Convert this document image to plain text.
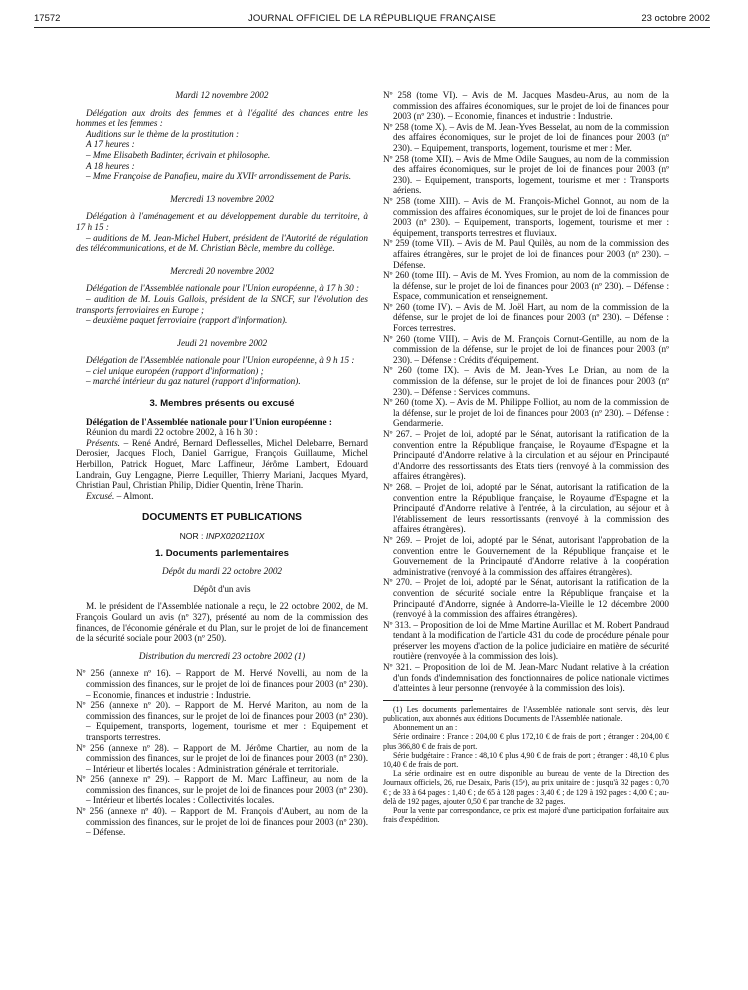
17572	JOURNAL OFFICIEL DE LA RÉPUBLIQUE FRANÇAISE	23 octobre 2002

Mardi 12 novembre 2002

Délégation aux droits des femmes et à l'égalité des chances entre les hommes et les femmes :

Auditions sur le thème de la prostitution :

A 17 heures :

– Mme Elisabeth Badinter, écrivain et philosophe.

A 18 heures :

– Mme Françoise de Panafieu, maire du XVIIᵉ arrondissement de Paris.

Mercredi 13 novembre 2002

Délégation à l'aménagement et au développement durable du territoire, à 17 h 15 :

– auditions de M. Jean-Michel Hubert, président de l'Autorité de régulation des télécommunications, et de M. Christian Bècle, membre du collège.

Mercredi 20 novembre 2002

Délégation de l'Assemblée nationale pour l'Union européenne, à 17 h 30 :

– audition de M. Louis Gallois, président de la SNCF, sur l'évolution des transports ferroviaires en Europe ;

– deuxième paquet ferroviaire (rapport d'information).

Jeudi 21 novembre 2002

Délégation de l'Assemblée nationale pour l'Union européenne, à 9 h 15 :

– ciel unique européen (rapport d'information) ;

– marché intérieur du gaz naturel (rapport d'information).

3. Membres présents ou excusé

Délégation de l'Assemblée nationale pour l'Union européenne :

Réunion du mardi 22 octobre 2002, à 16 h 30 :

Présents. – René André, Bernard Deflesselles, Michel Delebarre, Bernard Derosier, Jacques Floch, Daniel Garrigue, François Guillaume, Michel Herbillon, Patrick Hoguet, Marc Laffineur, Jérôme Lambert, Edouard Landrain, Guy Lengagne, Pierre Lequiller, Thierry Mariani, Jacques Myard, Christian Paul, Christian Philip, Didier Quentin, Irène Tharin.

Excusé. – Almont.

DOCUMENTS ET PUBLICATIONS

NOR : INPX0202110X

1. Documents parlementaires

Dépôt du mardi 22 octobre 2002

Dépôt d'un avis

M. le président de l'Assemblée nationale a reçu, le 22 octobre 2002, de M. François Goulard un avis (nº 327), présenté au nom de la commission des finances, de l'économie générale et du Plan, sur le projet de loi de financement de la sécurité sociale pour 2003 (nº 250).

Distribution du mercredi 23 octobre 2002 (1)

Nº 256 (annexe nº 16). – Rapport de M. Hervé Novelli, au nom de la commission des finances, sur le projet de loi de finances pour 2003 (nº 230). – Economie, finances et industrie : Industrie.

Nº 256 (annexe nº 20). – Rapport de M. Hervé Mariton, au nom de la commission des finances, sur le projet de loi de finances pour 2003 (nº 230). – Equipement, transports, logement, tourisme et mer : Equipement et transports terrestres.

Nº 256 (annexe nº 28). – Rapport de M. Jérôme Chartier, au nom de la commission des finances, sur le projet de loi de finances pour 2003 (nº 230). – Intérieur et libertés locales : Administration générale et territoriale.

Nº 256 (annexe nº 29). – Rapport de M. Marc Laffineur, au nom de la commission des finances, sur le projet de loi de finances pour 2003 (nº 230). – Intérieur et libertés locales : Collectivités locales.

Nº 256 (annexe nº 40). – Rapport de M. François d'Aubert, au nom de la commission des finances, sur le projet de loi de finances pour 2003 (nº 230). – Défense.

Nº 258 (tome VI). – Avis de M. Jacques Masdeu-Arus, au nom de la commission des affaires économiques, sur le projet de loi de finances pour 2003 (nº 230). – Economie, finances et industrie : Industrie.

Nº 258 (tome X). – Avis de M. Jean-Yves Besselat, au nom de la commission des affaires économiques, sur le projet de loi de finances pour 2003 (nº 230). – Equipement, transports, logement, tourisme et mer : Mer.

Nº 258 (tome XII). – Avis de Mme Odile Saugues, au nom de la commission des affaires économiques, sur le projet de loi de finances pour 2003 (nº 230). – Equipement, transports, logement, tourisme et mer : Transports aériens.

Nº 258 (tome XIII). – Avis de M. François-Michel Gonnot, au nom de la commission des affaires économiques, sur le projet de loi de finances pour 2003 (nº 230). – Equipement, transports, logement, tourisme et mer : équipement, transports terrestres et fluviaux.

Nº 259 (tome VII). – Avis de M. Paul Quilès, au nom de la commission des affaires étrangères, sur le projet de loi de finances pour 2003 (nº 230). – Défense.

Nº 260 (tome III). – Avis de M. Yves Fromion, au nom de la commission de la défense, sur le projet de loi de finances pour 2003 (nº 230). – Défense : Espace, communication et renseignement.

Nº 260 (tome IV). – Avis de M. Joël Hart, au nom de la commission de la défense, sur le projet de loi de finances pour 2003 (nº 230). – Défense : Forces terrestres.

Nº 260 (tome VIII). – Avis de M. François Cornut-Gentille, au nom de la commission de la défense, sur le projet de loi de finances pour 2003 (nº 230). – Défense : Crédits d'équipement.

Nº 260 (tome IX). – Avis de M. Jean-Yves Le Drian, au nom de la commission de la défense, sur le projet de loi de finances pour 2003 (nº 230). – Défense : Services communs.

Nº 260 (tome X). – Avis de M. Philippe Folliot, au nom de la commission de la défense, sur le projet de loi de finances pour 2003 (nº 230). – Défense : Gendarmerie.

Nº 267. – Projet de loi, adopté par le Sénat, autorisant la ratification de la convention entre la République française, le Royaume d'Espagne et la Principauté d'Andorre relative à la circulation et au séjour en Principauté d'Andorre des ressortissants des Etats tiers (renvoyé à la commission des affaires étrangères).

Nº 268. – Projet de loi, adopté par le Sénat, autorisant la ratification de la convention entre la République française, le Royaume d'Espagne et la Principauté d'Andorre relative à l'entrée, à la circulation, au séjour et à l'établissement de leurs ressortissants (renvoyé à la commission des affaires étrangères).

Nº 269. – Projet de loi, adopté par le Sénat, autorisant l'approbation de la convention entre le Gouvernement de la République française et le Gouvernement de la Principauté d'Andorre relative à la coopération administrative (renvoyé à la commission des affaires étrangères).

Nº 270. – Projet de loi, adopté par le Sénat, autorisant la ratification de la convention de sécurité sociale entre la République française et la Principauté d'Andorre, signée à Andorre-la-Vieille le 12 décembre 2000 (renvoyé à la commission des affaires étrangères).

Nº 313. – Proposition de loi de Mme Martine Aurillac et M. Robert Pandraud tendant à la modification de l'article 431 du code de procédure pénale pour préserver les moyens d'action de la police judiciaire en matière de sécurité routière (renvoyée à la commission des lois).

Nº 321. – Proposition de loi de M. Jean-Marc Nudant relative à la création d'un fonds d'indemnisation des fonctionnaires de police nationale victimes d'atteintes à leur personne (renvoyée à la commission des lois).

(1) Les documents parlementaires de l'Assemblée nationale sont servis, dès leur publication, aux abonnés aux éditions Documents de l'Assemblée nationale.

Abonnement un an :

Série ordinaire : France : 204,00 € plus 172,10 € de frais de port ; étranger : 204,00 € plus 366,80 € de frais de port.

Série budgétaire : France : 48,10 € plus 4,90 € de frais de port ; étranger : 48,10 € plus 10,40 € de frais de port.

La série ordinaire est en outre disponible au bureau de vente de la Direction des Journaux officiels, 26, rue Desaix, Paris (15ᵉ), au prix unitaire de : jusqu'à 32 pages : 0,70 € ; de 33 à 64 pages : 1,40 € ; de 65 à 128 pages : 3,40 € ; de 129 à 192 pages : 4,00 € ; au-delà de 192 pages, ajouter 0,50 € par tranche de 32 pages.

Pour la vente par correspondance, ce prix est majoré d'une participation forfaitaire aux frais d'expédition.
